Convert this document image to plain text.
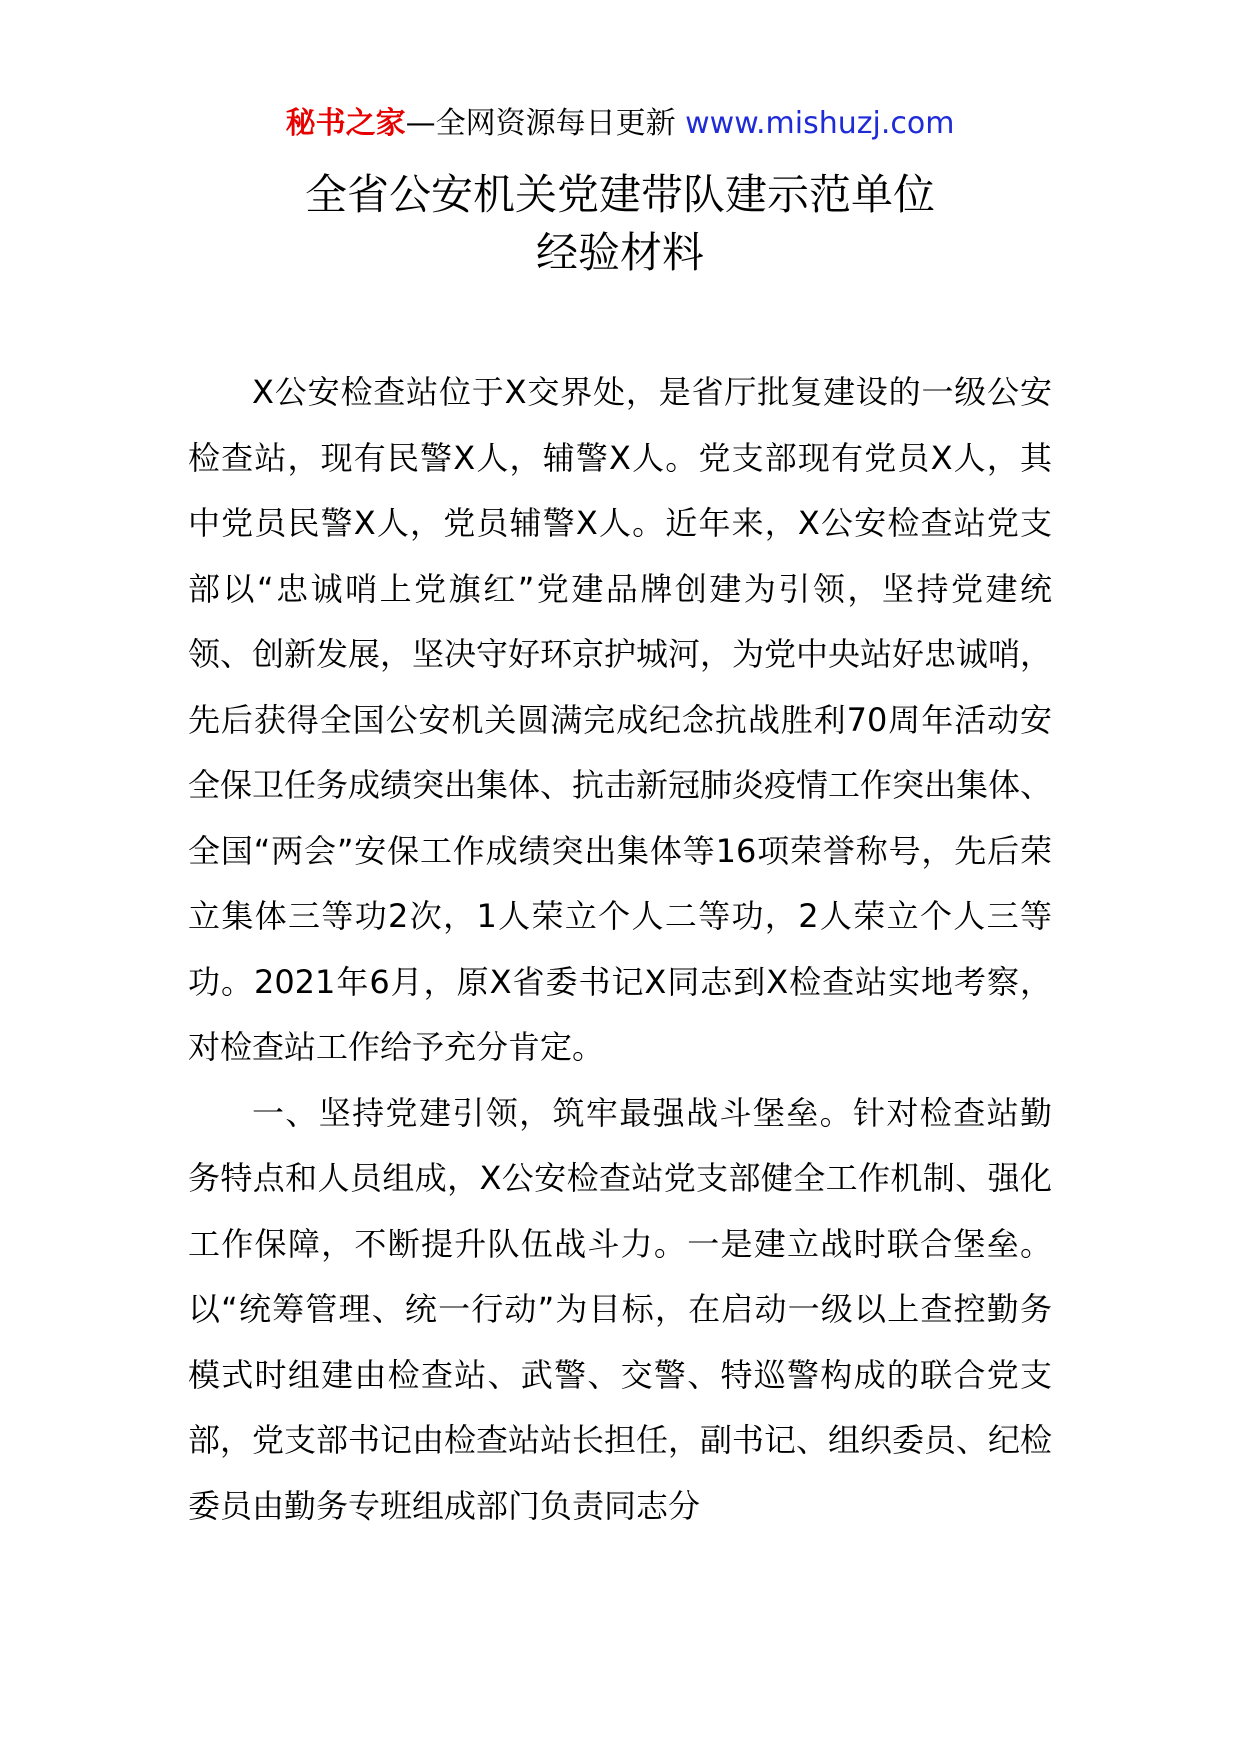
秘书之家—全网资源每日更新 www.mishuzj.com
全省公安机关党建带队建示范单位
经验材料

X公安检查站位于X交界处，是省厅批复建设的一级公安检查站，现有民警X人，辅警X人。党支部现有党员X人，其中党员民警X人，党员辅警X人。近年来，X公安检查站党支部以“忠诚哨上党旗红”党建品牌创建为引领，坚持党建统领、创新发展，坚决守好环京护城河，为党中央站好忠诚哨，先后获得全国公安机关圆满完成纪念抗战胜利70周年活动安全保卫任务成绩突出集体、抗击新冠肺炎疫情工作突出集体、全国“两会”安保工作成绩突出集体等16项荣誉称号，先后荣立集体三等功2次，1人荣立个人二等功，2人荣立个人三等功。2021年6月，原X省委书记X同志到X检查站实地考察，对检查站工作给予充分肯定。

一、坚持党建引领，筑牢最强战斗堡垒。针对检查站勤务特点和人员组成，X公安检查站党支部健全工作机制、强化工作保障，不断提升队伍战斗力。一是建立战时联合堡垒。以“统筹管理、统一行动”为目标，在启动一级以上查控勤务模式时组建由检查站、武警、交警、特巡警构成的联合党支部，党支部书记由检查站站长担任，副书记、组织委员、纪检委员由勤务专班组成部门负责同志分
